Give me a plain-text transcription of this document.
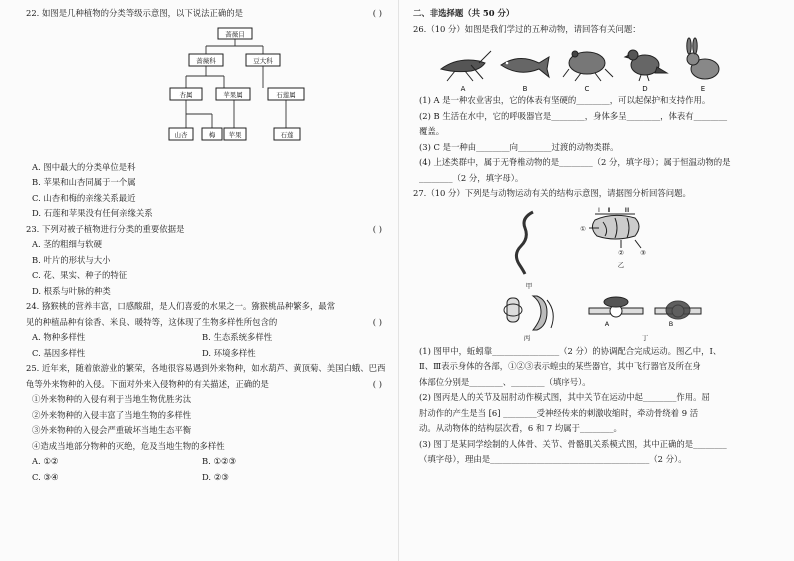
22. 如图是几种植物的分类等级示意图，以下说法正确的是	( )
蔷薇目
蔷薇科	豆大科
杏属	苹果属	石莲属
山杏	梅 苹果	石莲
A. 图中最大的分类单位是科
B. 苹果和山杏同属于一个属
C. 山杏和梅的亲缘关系最近
D. 石莲和苹果没有任何亲缘关系
23. 下列对被子植物进行分类的重要依据是	( )
A. 茎的粗细与软硬
B. 叶片的形状与大小
C. 花、果实、种子的特征
D. 根系与叶脉的种类
24. 猕猴桃的营养丰富，口感酸甜，是人们喜爱的水果之一。猕猴桃品种繁多，最常
见的种植品种有徐香、米良、暖特等，这体现了生物多样性所包含的	( )
A. 物种多样性	B. 生态系统多样性
C. 基因多样性	D. 环境多样性
25. 近年来，随着旅游业的繁荣，各地很容易遇到外来物种，如水葫芦、黄顶菊、美国白蛾、巴西
龟等外来物种的入侵。下面对外来入侵物种的有关描述，正确的是	( )
①外来物种的入侵有利于当地生物优胜劣汰
②外来物种的入侵丰富了当地生物的多样性
③外来物种的入侵会严重破坏当地生态平衡
④造成当地部分物种的灭绝，危及当地生物的多样性
A. ①②	B. ①②③
C. ③④	D. ②③
二、非选择题（共 50 分）
26.（10 分）如图是我们学过的五种动物，请回答有关问题：
A	B	C	D	E
(1) A 是一种农业害虫，它的体表有坚硬的________，可以起保护和支持作用。
(2) B 生活在水中，它的呼吸器官是________，身体多呈________，体表有________
覆盖。
(3) C 是一种由________向________过渡的动物类群。
(4) 上述类群中，属于无脊椎动物的是________（2 分，填字母）；属于恒温动物的是
________（2 分，填字母）。
27.（10 分）下列是与动物运动有关的结构示意图，请据图分析回答问题。
Ⅰ Ⅱ Ⅲ
①
② ③
甲
乙
丙
A	B
丁
(1) 图甲中，蚯蚓靠________________（2 分）的协调配合完成运动。图乙中，Ⅰ、
Ⅱ、Ⅲ表示身体的各部，①②③表示蝗虫的某些器官，其中飞行器官及所在身
体部位分别是________、________（填序号）。
(2) 图丙是人的关节及屈肘动作模式图，其中关节在运动中起________作用。屈
肘动作的产生是当 [6] ________受神经传来的刺激收缩时，牵动骨绕着 9 活
动。从动物体的结构层次看，6 和 7 均属于________。
(3) 图丁是某同学绘制的人体骨、关节、骨骼肌关系模式图，其中正确的是________
（填字母），理由是______________________________________（2 分）。
